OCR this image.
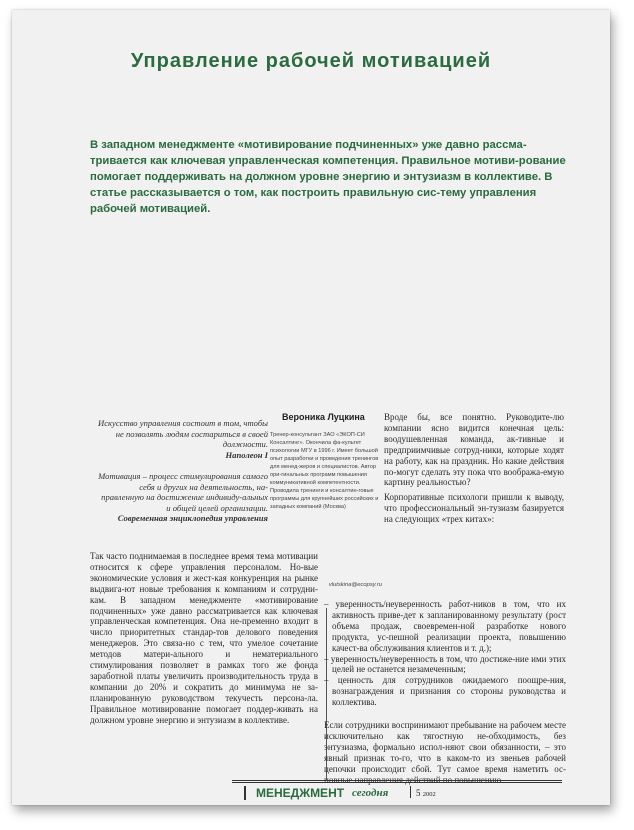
Управление рабочей мотивацией
В западном менеджменте «мотивирование подчиненных» уже давно рассма-тривается как ключевая управленческая компетенция. Правильное мотиви-рование помогает поддерживать на должном уровне энергию и энтузиазм в коллективе. В статье рассказывается о том, как построить правильную сис-тему управления рабочей мотивацией.
Искусство управления состоит в том, чтобы не позволять людям состариться в своей должности.
Наполеон I
Мотивация – процесс стимулирования самого себя и других на деятельность, на-правленную на достижение индивиду-альных и общей целей организации.
Современная энциклопедия управления
Вероника Луцкина
Тренер-консультант ЗАО «ЭКОП-СИ Консалтинг». Окончила фа-культет психологии МГУ в 1996 г. Имеет большой опыт разработки и проведения тренингов для менед-жеров и специалистов. Автор ори-гинальных программ повышения коммуникативной компетентности. Проводила тренинги и консалтин-говые программы для крупнейших российских и западных компаний (Москва)
vlutskina@ecopsy.ru

Так часто поднимаемая в последнее время тема мотивации относится к сфере управления персоналом. Но-вые экономические условия и жест-кая конкуренция на рынке выдвига-ют новые требования к компаниям и сотрудни-кам. В западном менеджменте «мотивирование подчиненных» уже давно рассматривается как ключевая управленческая компетенция. Она не-пременно входит в число приоритетных стандар-тов делового поведения менеджеров. Это связа-но с тем, что умелое сочетание методов матери-ального и нематериального стимулирования позволяет в рамках того же фонда заработной платы увеличить производительность труда в компании до 20% и сократить до минимума не за-планированную руководством текучесть персона-ла. Правильное мотивирование помогает поддер-живать на должном уровне энергию и энтузиазм в коллективе.

Вроде бы, все понятно. Руководите-лю компании ясно видится конечная цель: воодушевленная команда, ак-тивные и предприимчивые сотруд-ники, которые ходят на работу, как на праздник. Но какие действия по-могут сделать эту пока что вообража-емую картину реальностью?

Корпоративные психологи пришли к выводу, что профессиональный эн-тузиазм базируется на следующих «трех китах»:

– уверенность/неуверенность работ-ников в том, что их активность приве-дет к запланированному результату (рост объема продаж, своевремен-ной разработке нового продукта, ус-пешной реализации проекта, повышению качест-ва обслуживания клиентов и т. д.);
– уверенность/неуверенность в том, что достиже-ние ими этих целей не останется незамеченным;
– ценность для сотрудников ожидаемого поощре-ния, вознаграждения и признания со стороны руководства и коллектива.

Если сотрудники воспринимают пребывание на рабочем месте исключительно как тягостную не-обходимость, без энтузиазма, формально испол-няют свои обязанности, – это явный признак то-го, что в каком-то из звеньев рабочей цепочки происходит сбой. Тут самое время наметить ос-новные направления действий по повышению

МЕНЕДЖМЕНТ сегодня	5 2002
